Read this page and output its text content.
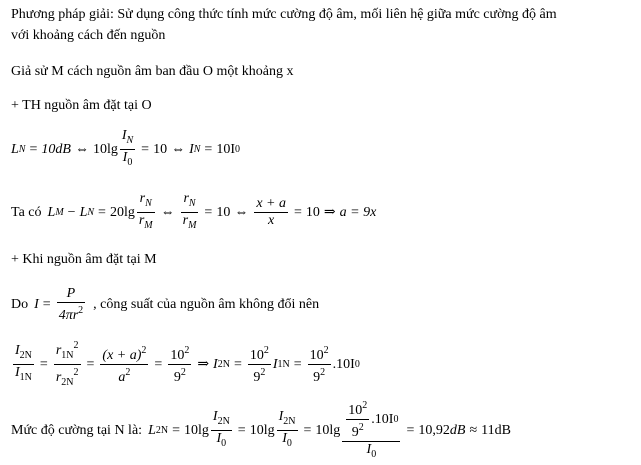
Phương pháp giải: Sử dụng công thức tính mức cường độ âm, mối liên hệ giữa mức cường độ âm
với khoảng cách đến nguồn
Giả sử M cách nguồn âm ban đầu O một khoảng x
+ TH nguồn âm đặt tại O
L N = 10dB ⇔ $10\lg \frac{I_N}{I_0} = 10$ ⇔ I N = 10I 0
Ta có L M − L $N = 20\lg \frac{r_N}{r_M}$ ⇔ $\frac{r_N}{r_M} = 10$ ⇔ $\frac{x + a}{x} = 10$ ⇒ a = 9x
+ Khi nguồn âm đặt tại M
Do $I = \frac{P}{4\pi r^2}$ , công suất của nguồn âm không đổi nên
$\frac{I_{2N}}{I_{1N}} = \frac{r_{1N}^2}{r_{2N}^2} = \frac{(x + a)^2}{a^2} = \frac{10^2}{9^2}$ ⇒ I $2N = \frac{10^2}{9^2}$ I $1N = \frac{10^2}{9^2} .10I$ 0
Mức độ cường tại N là: L $2N = 10\lg \frac{I_{2N}}{I_0} = 10\lg \frac{I_{2N}}{I_0} = 10\lg \frac{\frac{10^2}{9^2} .10I 0}{I_0} = 10,92$ dB ≈ 11dB
